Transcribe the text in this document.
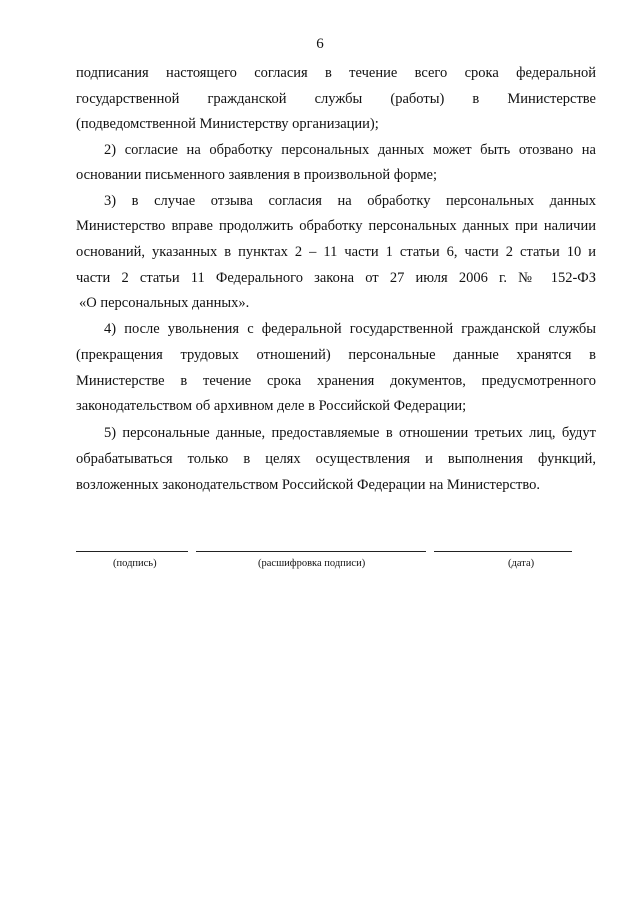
6
подписания настоящего согласия в течение всего срока федеральной
государственной гражданской службы (работы) в Министерстве
(подведомственной Министерству организации);
2) согласие на обработку персональных данных может быть отозвано на
основании письменного заявления в произвольной форме;
3) в случае отзыва согласия на обработку персональных данных
Министерство вправе продолжить обработку персональных данных при наличии
оснований, указанных в пунктах 2 – 11 части 1 статьи 6, части 2 статьи 10 и
части 2 статьи 11 Федерального закона от 27 июля 2006 г. № 152-ФЗ
«О персональных данных».
4) после увольнения с федеральной государственной гражданской службы
(прекращения трудовых отношений) персональные данные хранятся в
Министерстве в течение срока хранения документов, предусмотренного
законодательством об архивном деле в Российской Федерации;
5) персональные данные, предоставляемые в отношении третьих лиц, будут
обрабатываться только в целях осуществления и выполнения функций,
возложенных законодательством Российской Федерации на Министерство.
(подпись)	(расшифровка подписи)	(дата)
